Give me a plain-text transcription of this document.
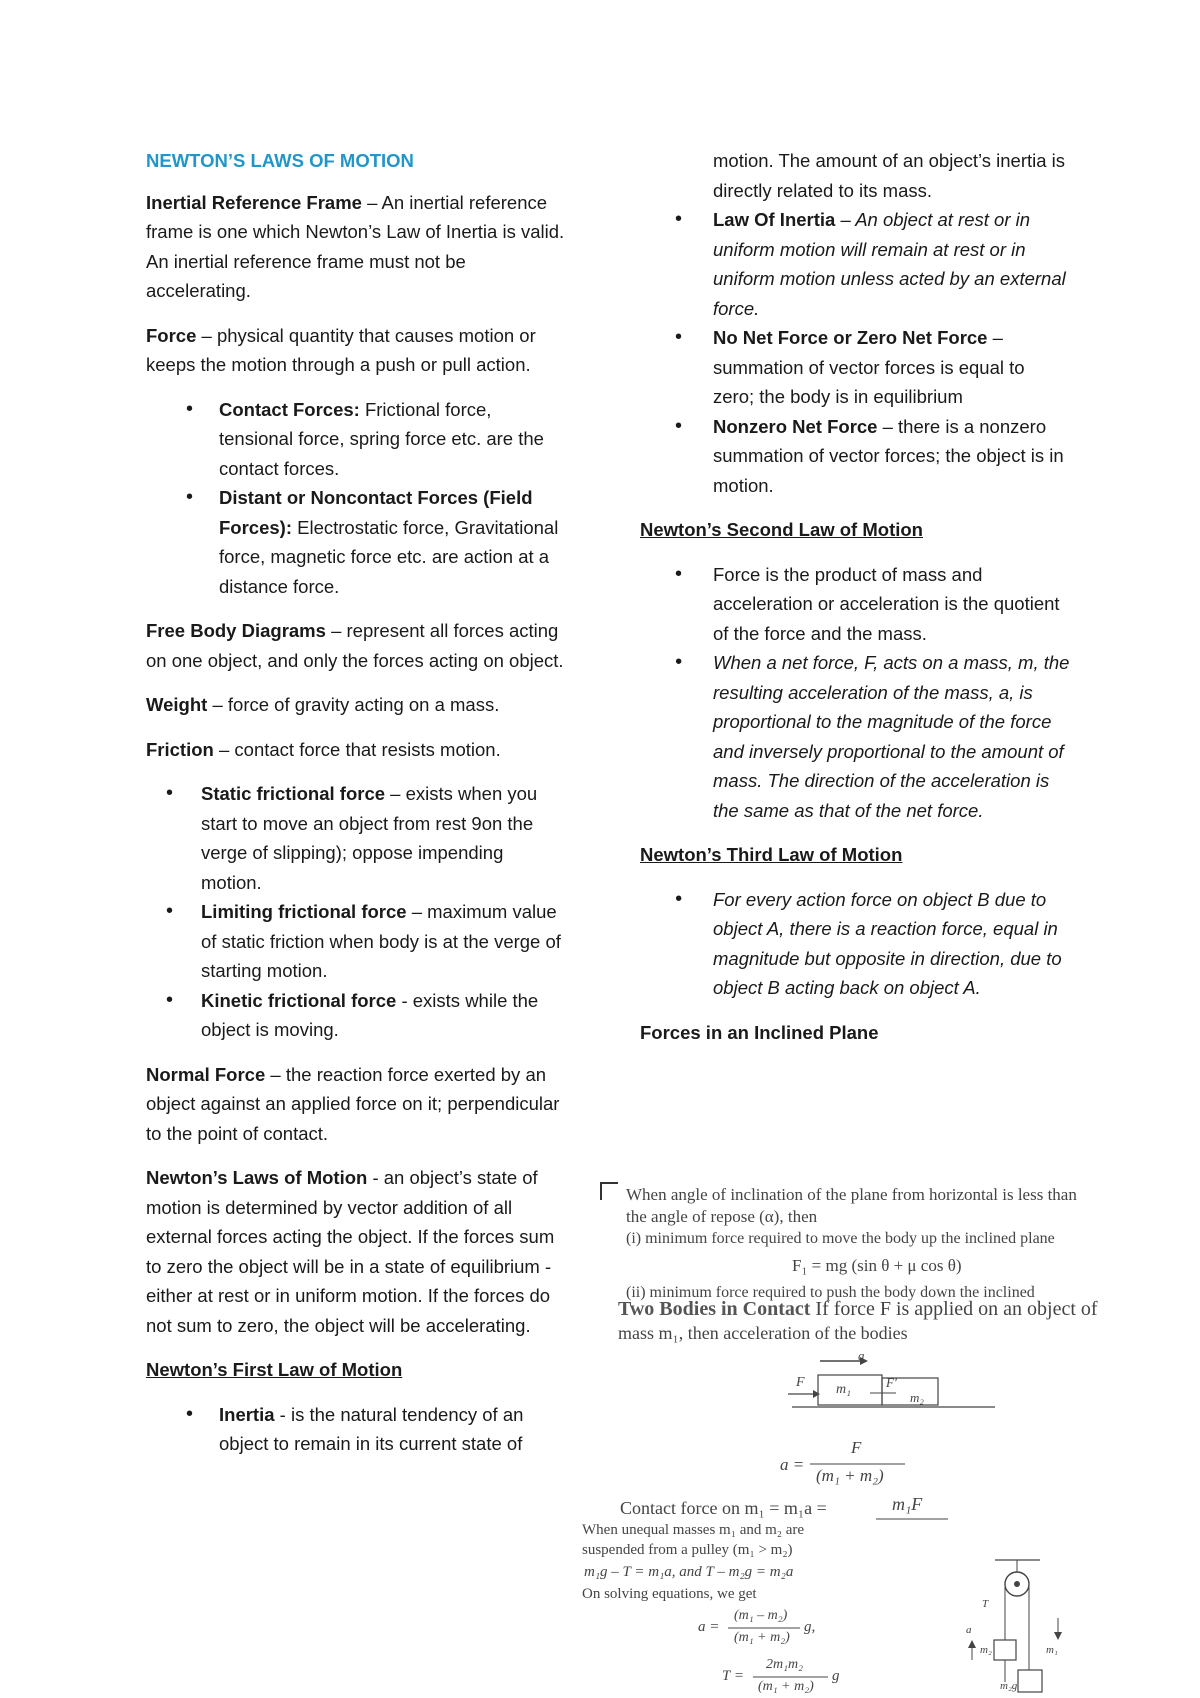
NEWTON’S LAWS OF MOTION

Inertial Reference Frame – An inertial reference frame is one which Newton’s Law of Inertia is valid. An inertial reference frame must not be accelerating.

Force – physical quantity that causes motion or keeps the motion through a push or pull action.

• Contact Forces: Frictional force, tensional force, spring force etc. are the contact forces.
• Distant or Noncontact Forces (Field Forces): Electrostatic force, Gravitational force, magnetic force etc. are action at a distance force.

Free Body Diagrams – represent all forces acting on one object, and only the forces acting on object.

Weight – force of gravity acting on a mass.

Friction – contact force that resists motion.

• Static frictional force – exists when you start to move an object from rest 9on the verge of slipping); oppose impending motion.
• Limiting frictional force – maximum value of static friction when body is at the verge of starting motion.
• Kinetic frictional force - exists while the object is moving.

Normal Force – the reaction force exerted by an object against an applied force on it; perpendicular to the point of contact.

Newton’s Laws of Motion - an object’s state of motion is determined by vector addition of all external forces acting the object. If the forces sum to zero the object will be in a state of equilibrium - either at rest or in uniform motion. If the forces do not sum to zero, the object will be accelerating.

Newton’s First Law of Motion

• Inertia - is the natural tendency of an object to remain in its current state of

motion. The amount of an object’s inertia is directly related to its mass.

• Law Of Inertia – An object at rest or in uniform motion will remain at rest or in uniform motion unless acted by an external force.
• No Net Force or Zero Net Force – summation of vector forces is equal to zero; the body is in equilibrium
• Nonzero Net Force – there is a nonzero summation of vector forces; the object is in motion.

Newton’s Second Law of Motion

• Force is the product of mass and acceleration or acceleration is the quotient of the force and the mass.
• When a net force, F, acts on a mass, m, the resulting acceleration of the mass, a, is proportional to the magnitude of the force and inversely proportional to the amount of mass. The direction of the acceleration is the same as that of the net force.

Newton’s Third Law of Motion

• For every action force on object B due to object A, there is a reaction force, equal in magnitude but opposite in direction, due to object B acting back on object A.

Forces in an Inclined Plane

When angle of inclination of the plane from horizontal is less than
the angle of repose (α), then
(i) minimum force required to move the body up the inclined plane
F₁ = mg (sin θ + μ cos θ)
(ii) minimum force required to push the body down the inclined
Two Bodies in Contact If force F is applied on an object of
mass m₁, then acceleration of the bodies
a
F m₁	F′
m₂
a =
F
(m₁ + m₂)
Contact force on m₁ = m₁a =	m₁F
When unequal masses m₁ and m₂ are
suspended from a pulley (m₁ > m₂)
m₁g – T = m₁a, and T – m₂g = m₂a
On solving equations, we get
a =
(m₁ – m₂)
(m₁ + m₂)
g,
T =
2m₁m₂
(m₁ + m₂)
g
T
a
m₂	m₁
m₂g
